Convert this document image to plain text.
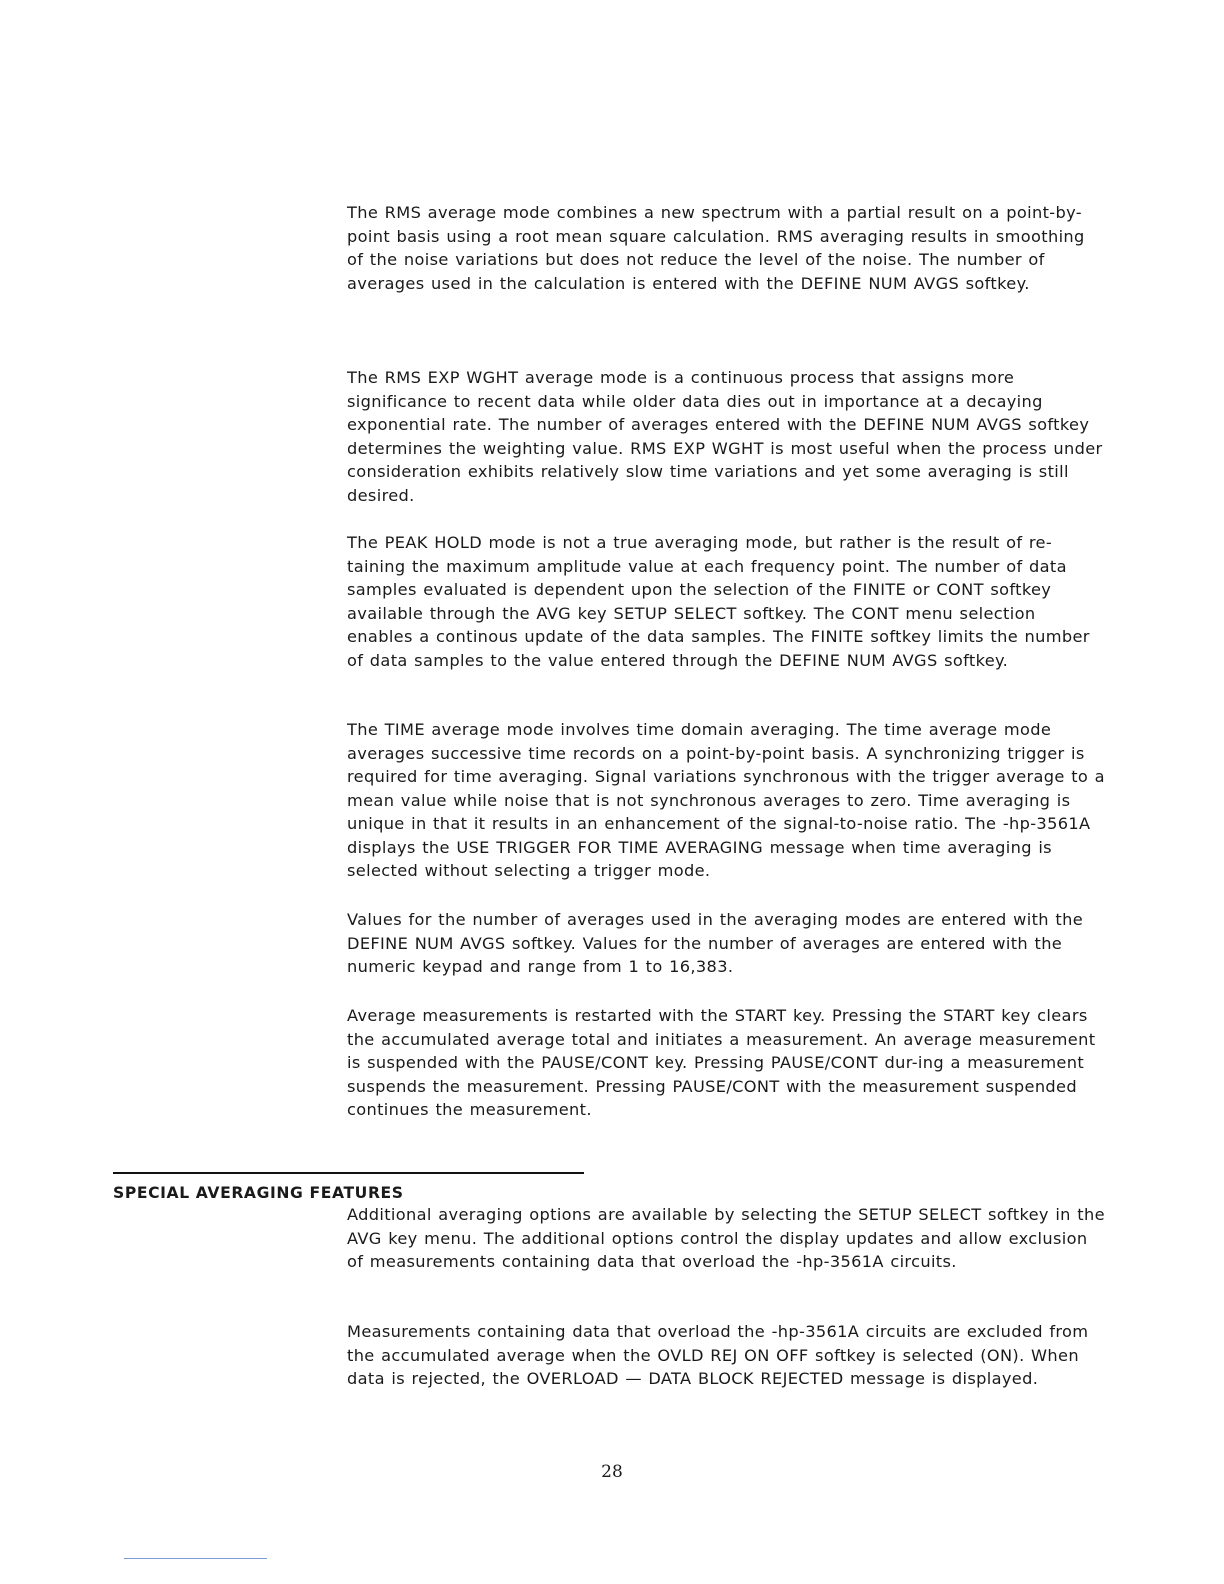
The RMS average mode combines a new spectrum with a partial result on a point-by-point basis using a root mean square calculation. RMS averaging results in smoothing of the noise variations but does not reduce the level of the noise. The number of averages used in the calculation is entered with the DEFINE NUM AVGS softkey.

The RMS EXP WGHT average mode is a continuous process that assigns more significance to recent data while older data dies out in importance at a decaying exponential rate. The number of averages entered with the DEFINE NUM AVGS softkey determines the weighting value. RMS EXP WGHT is most useful when the process under consideration exhibits relatively slow time variations and yet some averaging is still desired.

The PEAK HOLD mode is not a true averaging mode, but rather is the result of re-taining the maximum amplitude value at each frequency point. The number of data samples evaluated is dependent upon the selection of the FINITE or CONT softkey available through the AVG key SETUP SELECT softkey. The CONT menu selection enables a continous update of the data samples. The FINITE softkey limits the number of data samples to the value entered through the DEFINE NUM AVGS softkey.

The TIME average mode involves time domain averaging. The time average mode averages successive time records on a point-by-point basis. A synchronizing trigger is required for time averaging. Signal variations synchronous with the trigger average to a mean value while noise that is not synchronous averages to zero. Time averaging is unique in that it results in an enhancement of the signal-to-noise ratio. The -hp-3561A displays the USE TRIGGER FOR TIME AVERAGING message when time averaging is selected without selecting a trigger mode.

Values for the number of averages used in the averaging modes are entered with the DEFINE NUM AVGS softkey. Values for the number of averages are entered with the numeric keypad and range from 1 to 16,383.

Average measurements is restarted with the START key. Pressing the START key clears the accumulated average total and initiates a measurement. An average measurement is suspended with the PAUSE/CONT key. Pressing PAUSE/CONT dur-ing a measurement suspends the measurement. Pressing PAUSE/CONT with the measurement suspended continues the measurement.

SPECIAL AVERAGING FEATURES

Additional averaging options are available by selecting the SETUP SELECT softkey in the AVG key menu. The additional options control the display updates and allow exclusion of measurements containing data that overload the -hp-3561A circuits.

Measurements containing data that overload the -hp-3561A circuits are excluded from the accumulated average when the OVLD REJ ON OFF softkey is selected (ON). When data is rejected, the OVERLOAD — DATA BLOCK REJECTED message is displayed.

28
